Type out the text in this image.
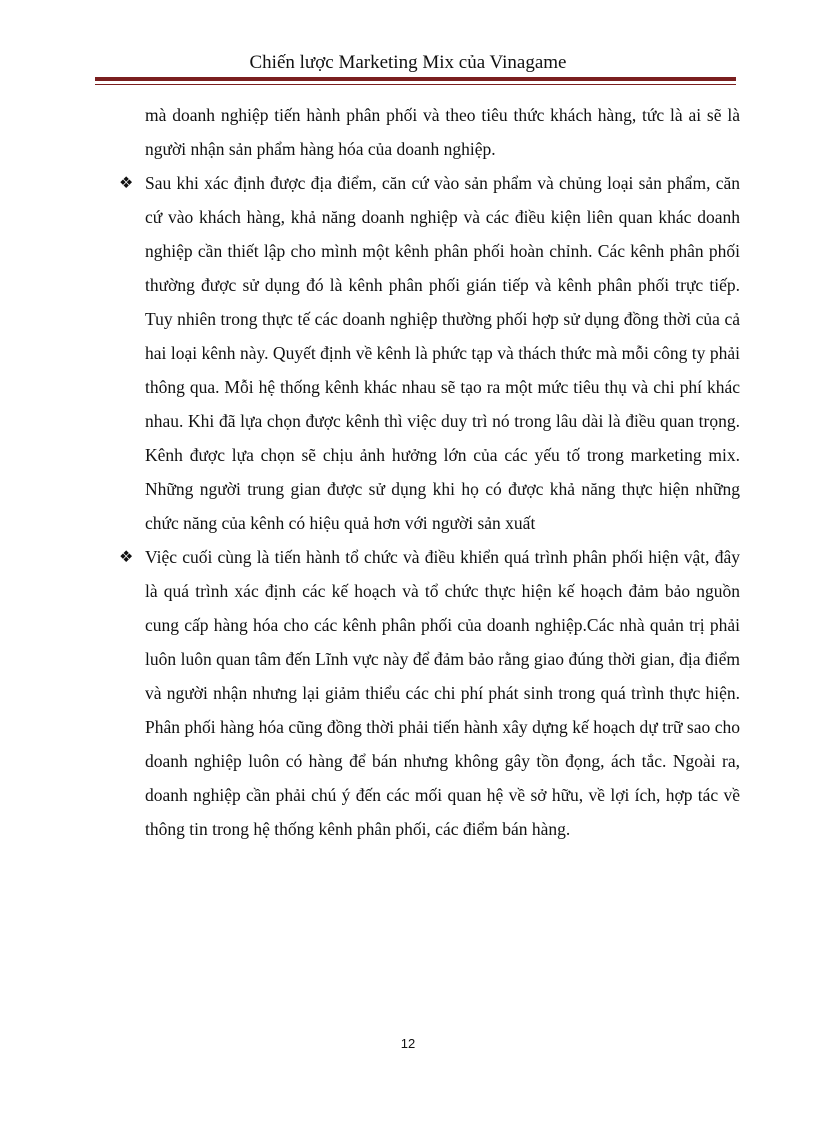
Chiến lược Marketing Mix của Vinagame

mà doanh nghiệp tiến hành phân phối và theo tiêu thức khách hàng, tức là ai sẽ là người nhận sản phẩm hàng hóa của doanh nghiệp.

❖ Sau khi xác định được địa điểm, căn cứ vào sản phẩm và chủng loại sản phẩm, căn cứ vào khách hàng, khả năng doanh nghiệp và các điều kiện liên quan khác doanh nghiệp cần thiết lập cho mình một kênh phân phối hoàn chỉnh. Các kênh phân phối thường được sử dụng đó là kênh phân phối gián tiếp và kênh phân phối trực tiếp. Tuy nhiên trong thực tế các doanh nghiệp thường phối hợp sử dụng đồng thời của cả hai loại kênh này. Quyết định về kênh là phức tạp và thách thức mà mỗi công ty phải thông qua. Mỗi hệ thống kênh khác nhau sẽ tạo ra một mức tiêu thụ và chi phí khác nhau. Khi đã lựa chọn được kênh thì việc duy trì nó trong lâu dài là điều quan trọng. Kênh được lựa chọn sẽ chịu ảnh hưởng lớn của các yếu tố trong marketing mix. Những người trung gian được sử dụng khi họ có được khả năng thực hiện những chức năng của kênh có hiệu quả hơn với người sản xuất
❖ Việc cuối cùng là tiến hành tổ chức và điều khiển quá trình phân phối hiện vật, đây là quá trình xác định các kế hoạch và tổ chức thực hiện kế hoạch đảm bảo nguồn cung cấp hàng hóa cho các kênh phân phối của doanh nghiệp.Các nhà quản trị phải luôn luôn quan tâm đến Lĩnh vực này để đảm bảo rằng giao đúng thời gian, địa điểm và người nhận nhưng lại giảm thiểu các chi phí phát sinh trong quá trình thực hiện. Phân phối hàng hóa cũng đồng thời phải tiến hành xây dựng kế hoạch dự trữ sao cho doanh nghiệp luôn có hàng để bán nhưng không gây tồn đọng, ách tắc. Ngoài ra, doanh nghiệp cần phải chú ý đến các mối quan hệ về sở hữu, về lợi ích, hợp tác về thông tin trong hệ thống kênh phân phối, các điểm bán hàng.
12
